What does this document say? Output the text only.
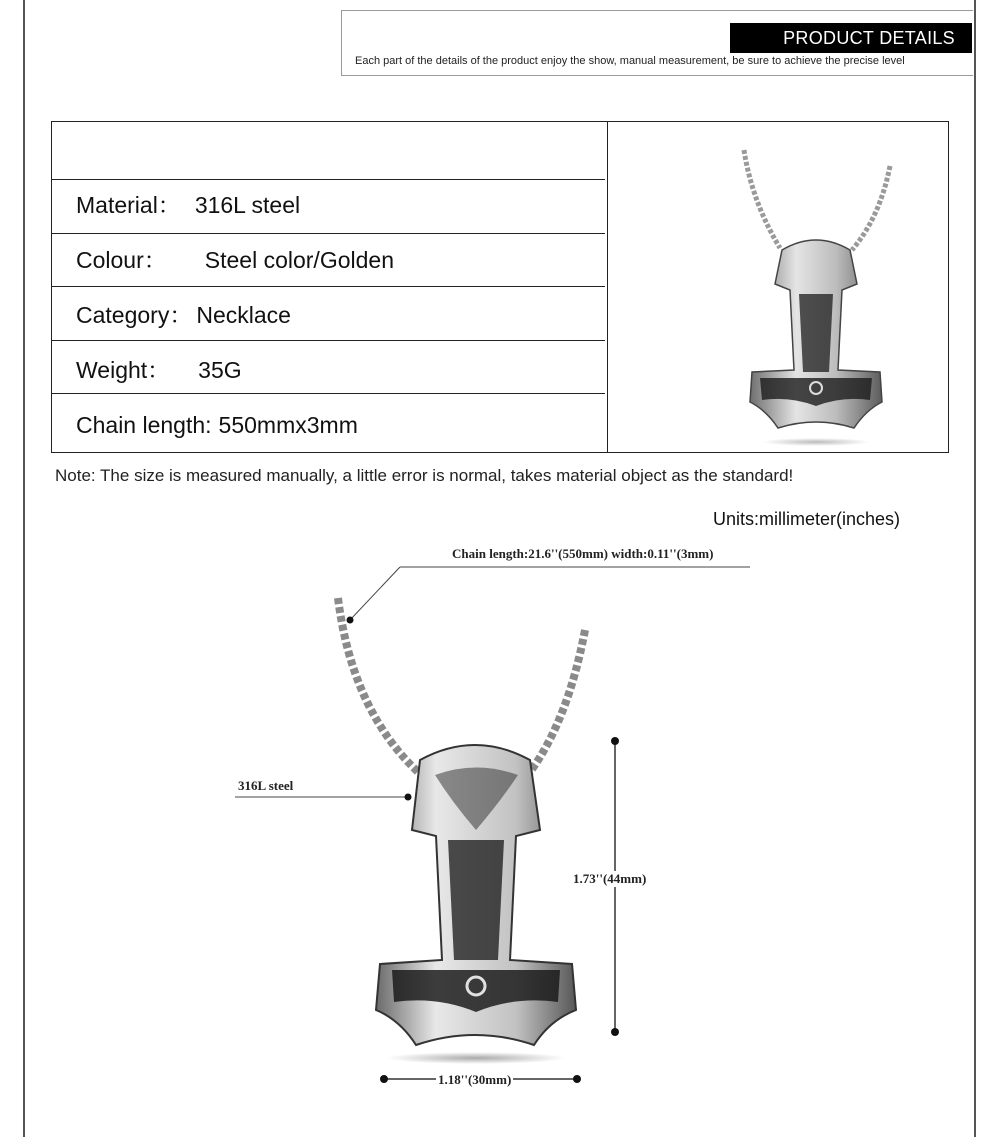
PRODUCT DETAILS
Each part of the details of the product enjoy the show, manual measurement, be sure to achieve the precise level
Material： 316L steel
Colour： Steel color/Golden
Category： Necklace
Weight： 35G
Chain length: 550mmx3mm
Note: The size is measured manually, a little error is normal, takes material object as the standard!
Units:millimeter(inches)
Chain length:21.6''(550mm) width:0.11''(3mm)
316L steel
1.73''(44mm)
1.18''(30mm)
